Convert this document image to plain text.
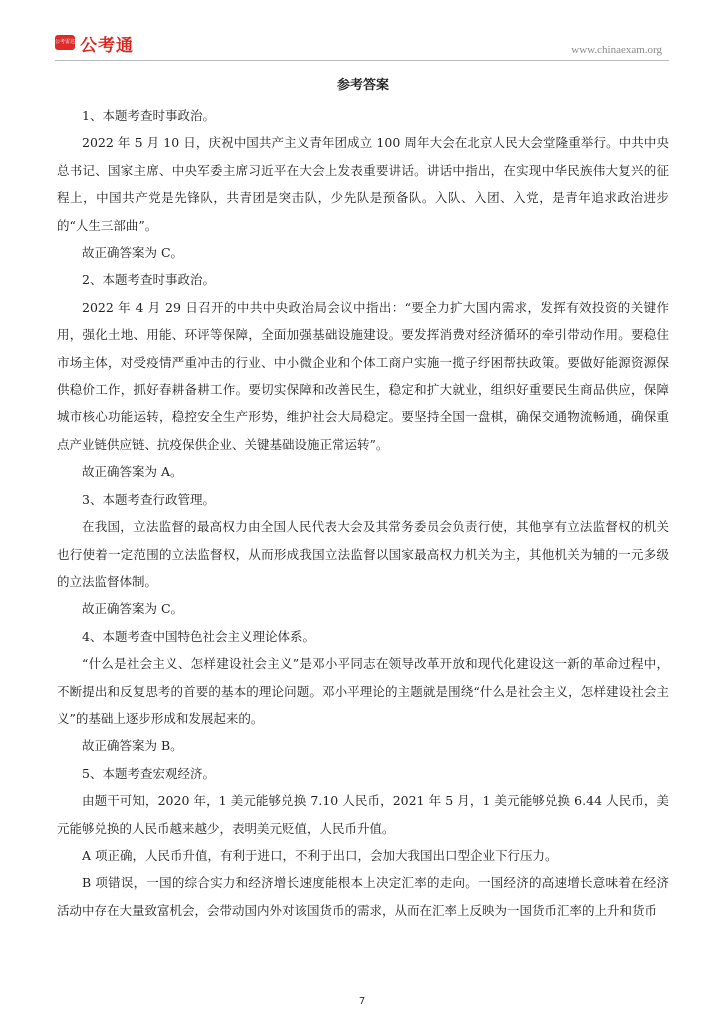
公考雷达 公考通	www.chinaexam.org
参考答案

1、本题考查时事政治。

2022 年 5 月 10 日，庆祝中国共产主义青年团成立 100 周年大会在北京人民大会堂隆重举行。中共中央总书记、国家主席、中央军委主席习近平在大会上发表重要讲话。讲话中指出，在实现中华民族伟大复兴的征程上，中国共产党是先锋队，共青团是突击队，少先队是预备队。入队、入团、入党，是青年追求政治进步的“人生三部曲”。

故正确答案为 C。

2、本题考查时事政治。

2022 年 4 月 29 日召开的中共中央政治局会议中指出：“要全力扩大国内需求，发挥有效投资的关键作用，强化土地、用能、环评等保障，全面加强基础设施建设。要发挥消费对经济循环的牵引带动作用。要稳住市场主体，对受疫情严重冲击的行业、中小微企业和个体工商户实施一揽子纾困帮扶政策。要做好能源资源保供稳价工作，抓好春耕备耕工作。要切实保障和改善民生，稳定和扩大就业，组织好重要民生商品供应，保障城市核心功能运转，稳控安全生产形势，维护社会大局稳定。要坚持全国一盘棋，确保交通物流畅通，确保重点产业链供应链、抗疫保供企业、关键基础设施正常运转”。

故正确答案为 A。

3、本题考查行政管理。

在我国，立法监督的最高权力由全国人民代表大会及其常务委员会负责行使，其他享有立法监督权的机关也行使着一定范围的立法监督权，从而形成我国立法监督以国家最高权力机关为主，其他机关为辅的一元多级的立法监督体制。

故正确答案为 C。

4、本题考查中国特色社会主义理论体系。

“什么是社会主义、怎样建设社会主义”是邓小平同志在领导改革开放和现代化建设这一新的革命过程中，不断提出和反复思考的首要的基本的理论问题。邓小平理论的主题就是围绕“什么是社会主义，怎样建设社会主义”的基础上逐步形成和发展起来的。

故正确答案为 B。

5、本题考查宏观经济。

由题干可知，2020 年，1 美元能够兑换 7.10 人民币，2021 年 5 月，1 美元能够兑换 6.44 人民币，美元能够兑换的人民币越来越少，表明美元贬值，人民币升值。

A 项正确，人民币升值，有利于进口，不利于出口，会加大我国出口型企业下行压力。

B 项错误，一国的综合实力和经济增长速度能根本上决定汇率的走向。一国经济的高速增长意味着在经济活动中存在大量致富机会，会带动国内外对该国货币的需求，从而在汇率上反映为一国货币汇率的上升和货币

7
